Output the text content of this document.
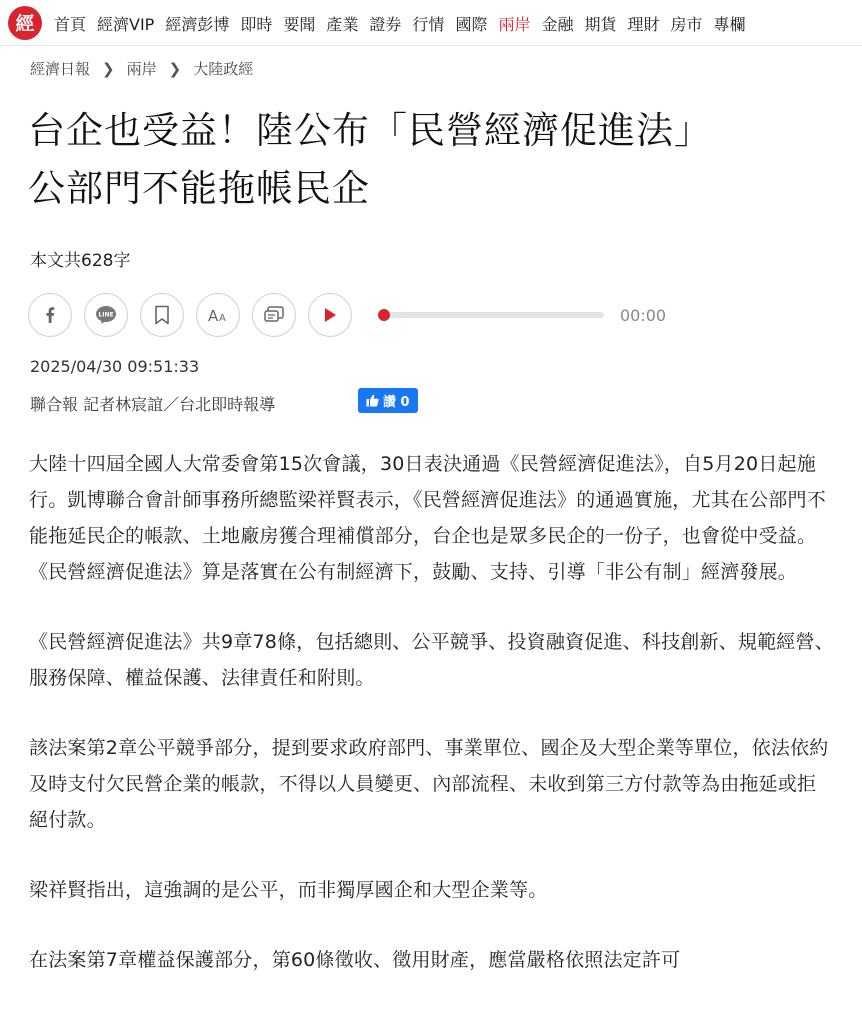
經 首頁 經濟VIP 經濟彭博 即時 要聞 產業 證券 行情 國際 兩岸 金融 期貨 理財 房市 專欄
經濟日報 ❯ 兩岸 ❯ 大陸政經
台企也受益！陸公布「民營經濟促進法」
公部門不能拖帳民企
本文共628字
LINE	A A	00:00
2025/04/30 09:51:33
聯合報 記者林宸誼／台北即時報導	讚 0

大陸十四屆全國人大常委會第15次會議，30日表決通過《民營經濟促進法》，自5月20日起施行。凱博聯合會計師事務所總監梁祥賢表示，《民營經濟促進法》的通過實施，尤其在公部門不能拖延民企的帳款、土地廠房獲合理補償部分，台企也是眾多民企的一份子，也會從中受益。《民營經濟促進法》算是落實在公有制經濟下，鼓勵、支持、引導「非公有制」經濟發展。

《民營經濟促進法》共9章78條，包括總則、公平競爭、投資融資促進、科技創新、規範經營、服務保障、權益保護、法律責任和附則。

該法案第2章公平競爭部分，提到要求政府部門、事業單位、國企及大型企業等單位，依法依約及時支付欠民營企業的帳款，不得以人員變更、內部流程、未收到第三方付款等為由拖延或拒絕付款。

梁祥賢指出，這強調的是公平，而非獨厚國企和大型企業等。

在法案第7章權益保護部分，第60條徵收、徵用財產，應當嚴格依照法定許可
